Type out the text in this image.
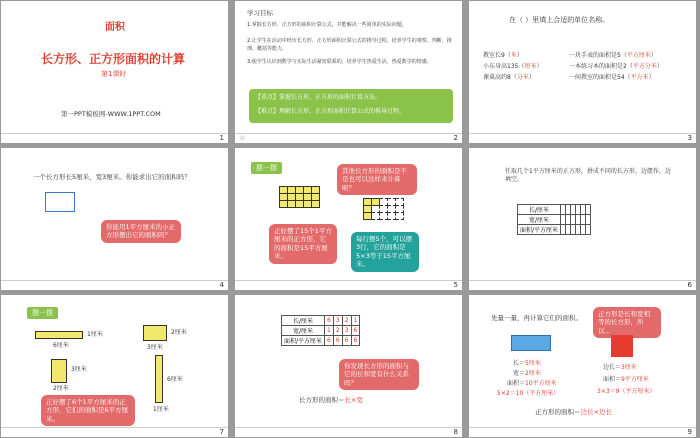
面积
长方形、正方形面积的计算
第1课时
第一PPT模板网-WWW.1PPT.COM
1
学习目标
1.掌握长方形、正方形的面积计算公式，并能解决一些简单的实际问题。
2.让学生在活动中经历长方形、正方形面积计算公式的推导过程，培养学生的观察、判断、推理、概括等能力。
3.使学生认识到数学与实际生活紧密联系的，培养学生热爱生活，热爱数学的情感。
【重点】掌握长方形、正方形的面积计算方法。
【难点】理解长方形、正方形面积计算公式的推导过程。
☆	2
在（ ）里填上合适的单位名称。
教室长9（米）
小东身高135（厘米）
课桌高约8（分米）
一块手表的面积是5（平方厘米）
一本练习本的面积是2（平方分米）
一间教室的面积是54（平方米）
3
一个长方形长5厘米，宽3厘米。你能求出它的面积吗？
你能用1平方厘米的小正方形摆出它的面积吗？
4
摆一摆	其他长方形的面积是不是也可以这样来计算呢？

正好摆了15个1平方厘米的正方形，它的面积是15平方厘米。
每行摆5个，可以摆3行，它的面积是5×3等于15平方厘米。
5
任取几个1平方厘米的正方形，拼成不同的长方形。边摆作，边填空。
长/厘米						
宽/厘米						
面积/平方厘米						
6
摆一摆
1厘米
6厘米
2厘米
3厘米
3厘米
2厘米
6厘米
1厘米
正好摆了6个1平方厘米的正方形，它们的面积是6平方厘米。
7
长/厘米	6	3	2	1
宽/厘米	1	2	3	6
面积/平方厘米	6	6	6	6
你发现长方形的面积与它的长和宽有什么关系吗？
长方形的面积＝长×宽
8
先量一量，再计算它们的面积。	正方形是长和宽相等的长方形，所以…
长＝5厘米
宽＝2厘米
面积＝10平方厘米
5×2＝10（平方厘米）
边长＝3厘米
面积＝9平方厘米
3×3＝9（平方厘米）
正方形的面积＝边长×边长
9
